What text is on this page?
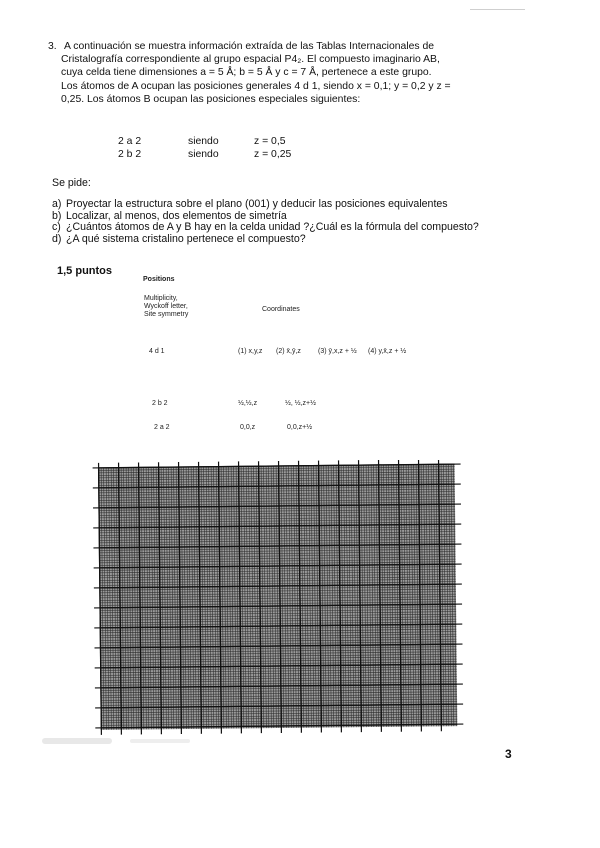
3. A continuación se muestra información extraída de las Tablas Internacionales de
Cristalografía correspondiente al grupo espacial P4₂. El compuesto imaginario AB,
cuya celda tiene dimensiones a = 5 Å; b = 5 Å y c = 7 Å, pertenece a este grupo.
Los átomos de A ocupan las posiciones generales 4 d 1, siendo x = 0,1; y = 0,2 y z =
0,25. Los átomos B ocupan las posiciones especiales siguientes:
2 a 2	siendo	z = 0,5
2 b 2	siendo	z = 0,25
Se pide:
a) Proyectar la estructura sobre el plano (001) y deducir las posiciones equivalentes
b) Localizar, al menos, dos elementos de simetría
c) ¿Cuántos átomos de A y B hay en la celda unidad ?¿Cuál es la fórmula del compuesto?
d) ¿A qué sistema cristalino pertenece el compuesto?
1,5 puntos
Positions
Multiplicity,
Wyckoff letter,
Site symmetry
Coordinates
4 d 1	(1) x,y,z (2) x̄,ȳ,z (3) ȳ,x,z + ½ (4) y,x̄,z + ½
2 b 2	½,½,z	½, ½,z+½
2 a 2	0,0,z	0,0,z+½
3
